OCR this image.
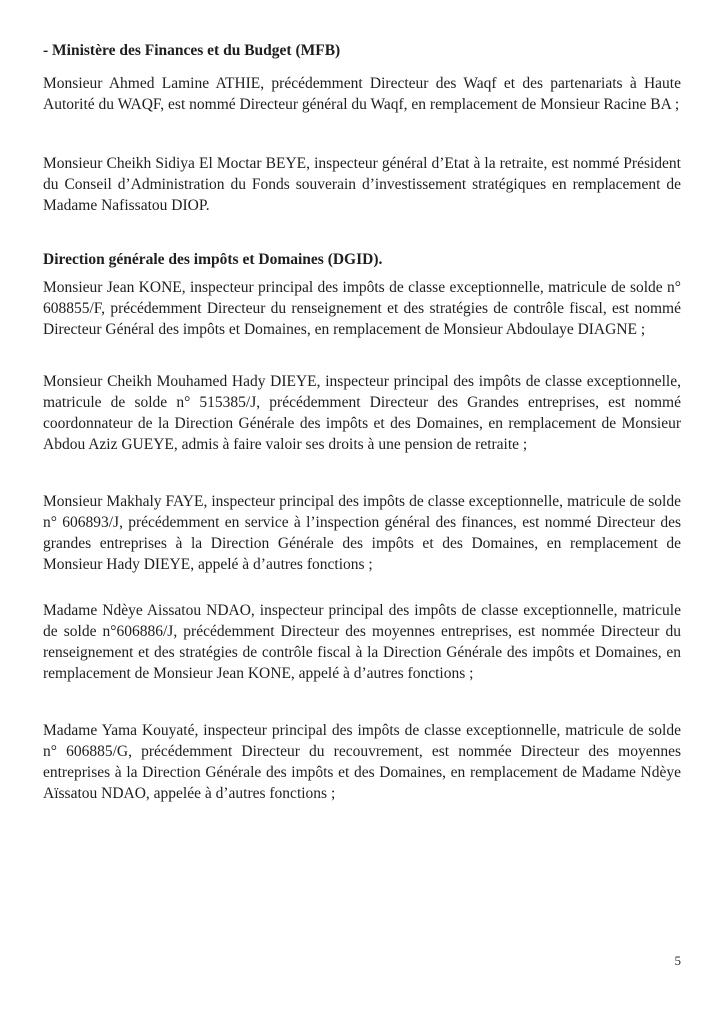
- Ministère des Finances et du Budget (MFB)

Monsieur Ahmed Lamine ATHIE, précédemment Directeur des Waqf et des partenariats à Haute Autorité du WAQF, est nommé Directeur général du Waqf, en remplacement de Monsieur Racine BA ;

Monsieur Cheikh Sidiya El Moctar BEYE, inspecteur général d’Etat à la retraite, est nommé Président du Conseil d’Administration du Fonds souverain d’investissement stratégiques en remplacement de Madame Nafissatou DIOP.

Direction générale des impôts et Domaines (DGID).

Monsieur Jean KONE, inspecteur principal des impôts de classe exceptionnelle, matricule de solde n° 608855/F, précédemment Directeur du renseignement et des stratégies de contrôle fiscal, est nommé Directeur Général des impôts et Domaines, en remplacement de Monsieur Abdoulaye DIAGNE ;

Monsieur Cheikh Mouhamed Hady DIEYE, inspecteur principal des impôts de classe exceptionnelle, matricule de solde n° 515385/J, précédemment Directeur des Grandes entreprises, est nommé coordonnateur de la Direction Générale des impôts et des Domaines, en remplacement de Monsieur Abdou Aziz GUEYE, admis à faire valoir ses droits à une pension de retraite ;

Monsieur Makhaly FAYE, inspecteur principal des impôts de classe exceptionnelle, matricule de solde n° 606893/J, précédemment en service à l’inspection général des finances, est nommé Directeur des grandes entreprises à la Direction Générale des impôts et des Domaines, en remplacement de Monsieur Hady DIEYE, appelé à d’autres fonctions ;

Madame Ndèye Aissatou NDAO, inspecteur principal des impôts de classe exceptionnelle, matricule de solde n°606886/J, précédemment Directeur des moyennes entreprises, est nommée Directeur du renseignement et des stratégies de contrôle fiscal à la Direction Générale des impôts et Domaines, en remplacement de Monsieur Jean KONE, appelé à d’autres fonctions ;

Madame Yama Kouyaté, inspecteur principal des impôts de classe exceptionnelle, matricule de solde n° 606885/G, précédemment Directeur du recouvrement, est nommée Directeur des moyennes entreprises à la Direction Générale des impôts et des Domaines, en remplacement de Madame Ndèye Aïssatou NDAO, appelée à d’autres fonctions ;

5
